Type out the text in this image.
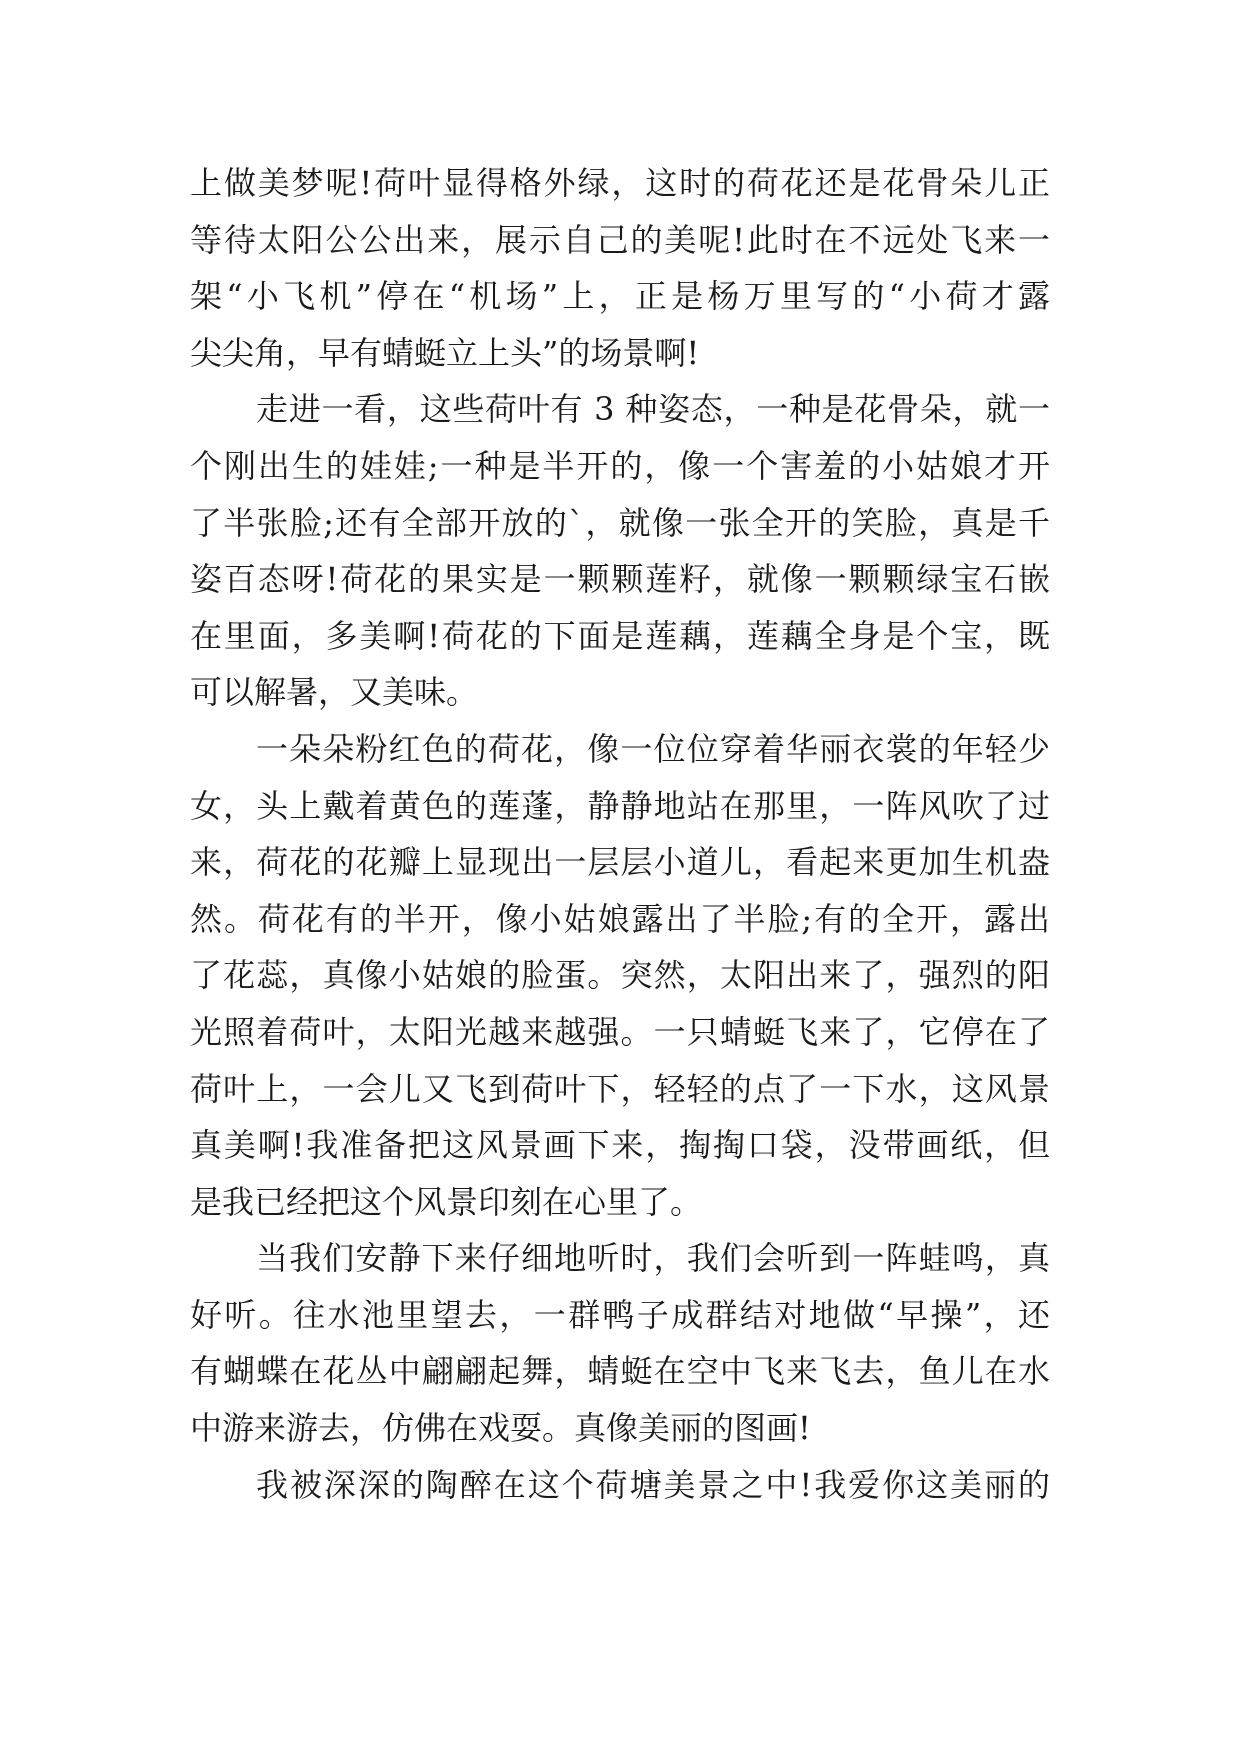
上做美梦呢!荷叶显得格外绿，这时的荷花还是花骨朵儿正
等待太阳公公出来，展示自己的美呢!此时在不远处飞来一
架“小飞机”停在“机场”上，正是杨万里写的“小荷才露
尖尖角，早有蜻蜓立上头”的场景啊!
走进一看，这些荷叶有 3 种姿态，一种是花骨朵，就一
个刚出生的娃娃;一种是半开的，像一个害羞的小姑娘才开
了半张脸;还有全部开放的`，就像一张全开的笑脸，真是千
姿百态呀!荷花的果实是一颗颗莲籽，就像一颗颗绿宝石嵌
在里面，多美啊!荷花的下面是莲藕，莲藕全身是个宝，既
可以解暑，又美味。
一朵朵粉红色的荷花，像一位位穿着华丽衣裳的年轻少
女，头上戴着黄色的莲蓬，静静地站在那里，一阵风吹了过
来，荷花的花瓣上显现出一层层小道儿，看起来更加生机盎
然。荷花有的半开，像小姑娘露出了半脸;有的全开，露出
了花蕊，真像小姑娘的脸蛋。突然，太阳出来了，强烈的阳
光照着荷叶，太阳光越来越强。一只蜻蜓飞来了，它停在了
荷叶上，一会儿又飞到荷叶下，轻轻的点了一下水，这风景
真美啊!我准备把这风景画下来，掏掏口袋，没带画纸，但
是我已经把这个风景印刻在心里了。
当我们安静下来仔细地听时，我们会听到一阵蛙鸣，真
好听。往水池里望去，一群鸭子成群结对地做“早操”，还
有蝴蝶在花丛中翩翩起舞，蜻蜓在空中飞来飞去，鱼儿在水
中游来游去，仿佛在戏耍。真像美丽的图画!
我被深深的陶醉在这个荷塘美景之中!我爱你这美丽的
